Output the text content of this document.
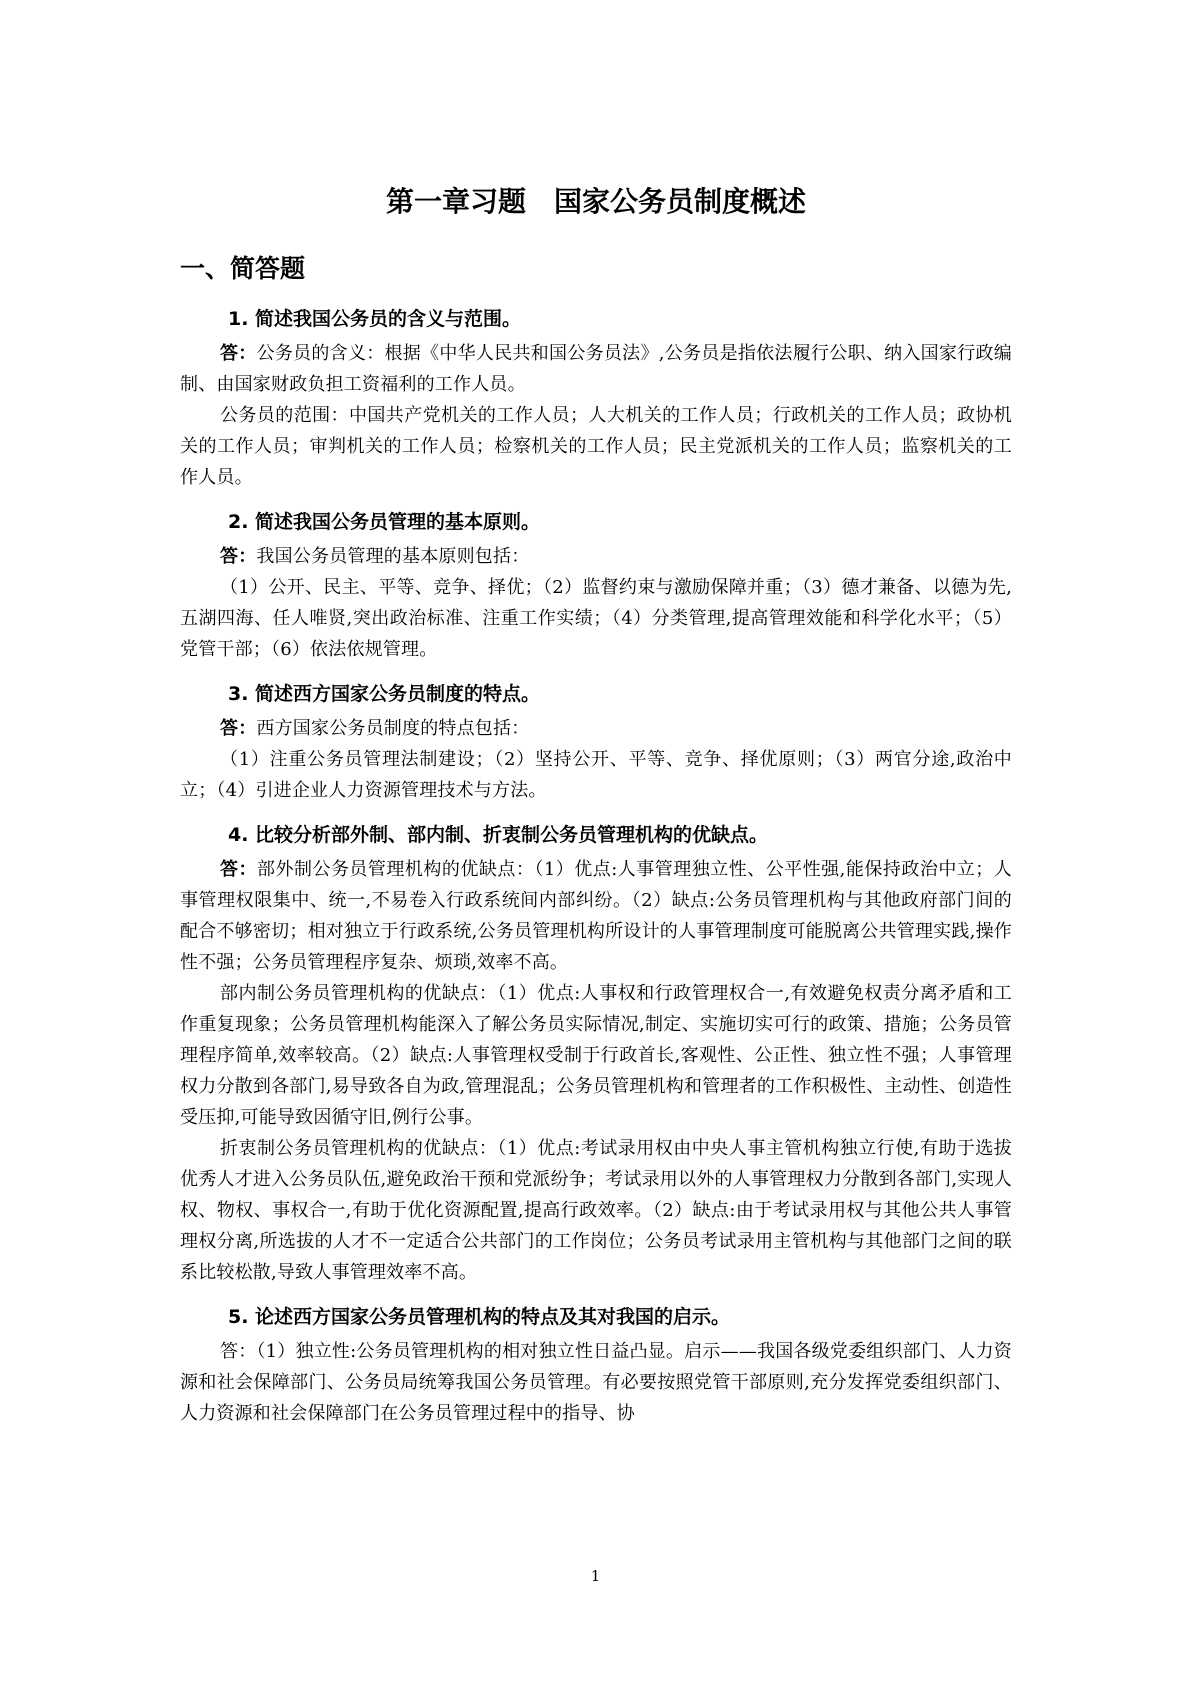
第一章习题　国家公务员制度概述
一、简答题

1. 简述我国公务员的含义与范围。

答：公务员的含义：根据《中华人民共和国公务员法》,公务员是指依法履行公职、纳入国家行政编制、由国家财政负担工资福利的工作人员。

公务员的范围：中国共产党机关的工作人员；人大机关的工作人员；行政机关的工作人员；政协机关的工作人员；审判机关的工作人员；检察机关的工作人员；民主党派机关的工作人员；监察机关的工作人员。

2. 简述我国公务员管理的基本原则。

答：我国公务员管理的基本原则包括：

（1）公开、民主、平等、竞争、择优；（2）监督约束与激励保障并重；（3）德才兼备、以德为先,五湖四海、任人唯贤,突出政治标准、注重工作实绩；（4）分类管理,提高管理效能和科学化水平；（5）党管干部；（6）依法依规管理。

3. 简述西方国家公务员制度的特点。

答：西方国家公务员制度的特点包括：

（1）注重公务员管理法制建设；（2）坚持公开、平等、竞争、择优原则；（3）两官分途,政治中立；（4）引进企业人力资源管理技术与方法。

4. 比较分析部外制、部内制、折衷制公务员管理机构的优缺点。

答：部外制公务员管理机构的优缺点：（1）优点:人事管理独立性、公平性强,能保持政治中立；人事管理权限集中、统一,不易卷入行政系统间内部纠纷。（2）缺点:公务员管理机构与其他政府部门间的配合不够密切；相对独立于行政系统,公务员管理机构所设计的人事管理制度可能脱离公共管理实践,操作性不强；公务员管理程序复杂、烦琐,效率不高。

部内制公务员管理机构的优缺点：（1）优点:人事权和行政管理权合一,有效避免权责分离矛盾和工作重复现象；公务员管理机构能深入了解公务员实际情况,制定、实施切实可行的政策、措施；公务员管理程序简单,效率较高。（2）缺点:人事管理权受制于行政首长,客观性、公正性、独立性不强；人事管理权力分散到各部门,易导致各自为政,管理混乱；公务员管理机构和管理者的工作积极性、主动性、创造性受压抑,可能导致因循守旧,例行公事。

折衷制公务员管理机构的优缺点：（1）优点:考试录用权由中央人事主管机构独立行使,有助于选拔优秀人才进入公务员队伍,避免政治干预和党派纷争；考试录用以外的人事管理权力分散到各部门,实现人权、物权、事权合一,有助于优化资源配置,提高行政效率。（2）缺点:由于考试录用权与其他公共人事管理权分离,所选拔的人才不一定适合公共部门的工作岗位；公务员考试录用主管机构与其他部门之间的联系比较松散,导致人事管理效率不高。

5. 论述西方国家公务员管理机构的特点及其对我国的启示。

答：（1）独立性:公务员管理机构的相对独立性日益凸显。启示——我国各级党委组织部门、人力资源和社会保障部门、公务员局统筹我国公务员管理。有必要按照党管干部原则,充分发挥党委组织部门、人力资源和社会保障部门在公务员管理过程中的指导、协

1
